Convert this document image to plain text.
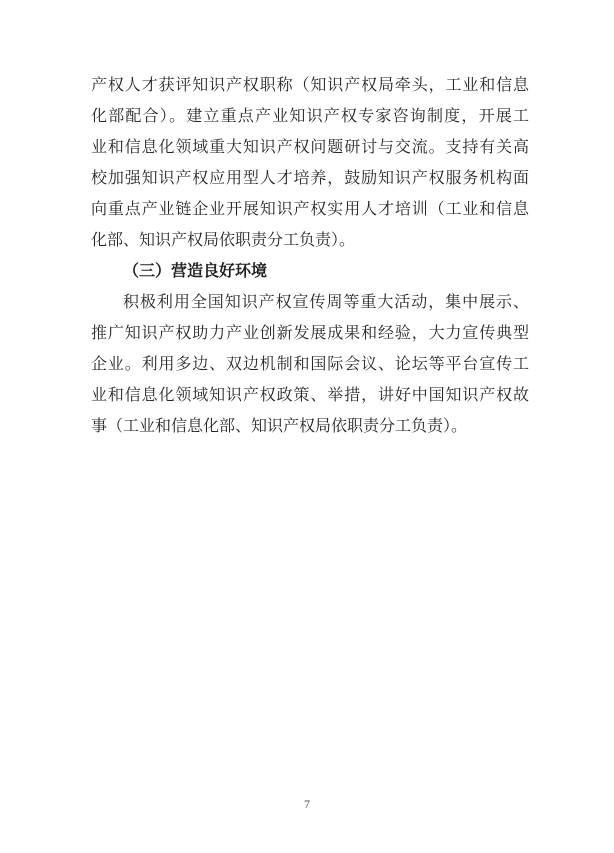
产权人才获评知识产权职称（知识产权局牵头，工业和信息
化部配合）。建立重点产业知识产权专家咨询制度，开展工
业和信息化领域重大知识产权问题研讨与交流。支持有关高
校加强知识产权应用型人才培养，鼓励知识产权服务机构面
向重点产业链企业开展知识产权实用人才培训（工业和信息
化部、知识产权局依职责分工负责）。
（三）营造良好环境
积极利用全国知识产权宣传周等重大活动，集中展示、
推广知识产权助力产业创新发展成果和经验，大力宣传典型
企业。利用多边、双边机制和国际会议、论坛等平台宣传工
业和信息化领域知识产权政策、举措，讲好中国知识产权故
事（工业和信息化部、知识产权局依职责分工负责）。
7
